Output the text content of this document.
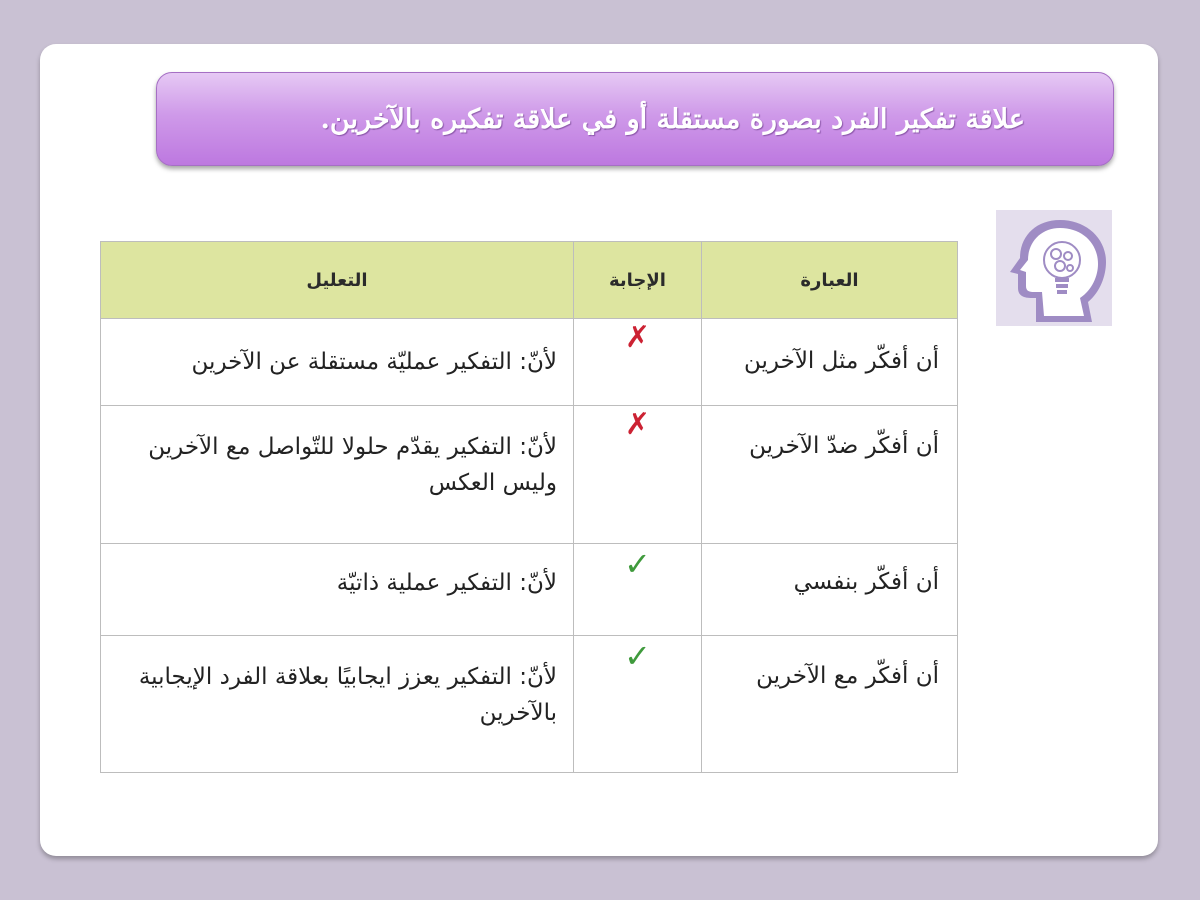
علاقة تفكير الفرد بصورة مستقلة أو في علاقة تفكيره بالآخرين.
العبارة	الإجابة	التعليل
أن أفكّر مثل الآخرين	✗	لأنّ: التفكير عمليّة مستقلة عن الآخرين
أن أفكّر ضدّ الآخرين	✗	لأنّ: التفكير يقدّم حلولا للتّواصل مع الآخرين وليس العكس
أن أفكّر بنفسي	✓	لأنّ: التفكير عملية ذاتيّة
أن أفكّر مع الآخرين	✓	لأنّ: التفكير يعزز ايجابيًا بعلاقة الفرد الإيجابية بالآخرين
